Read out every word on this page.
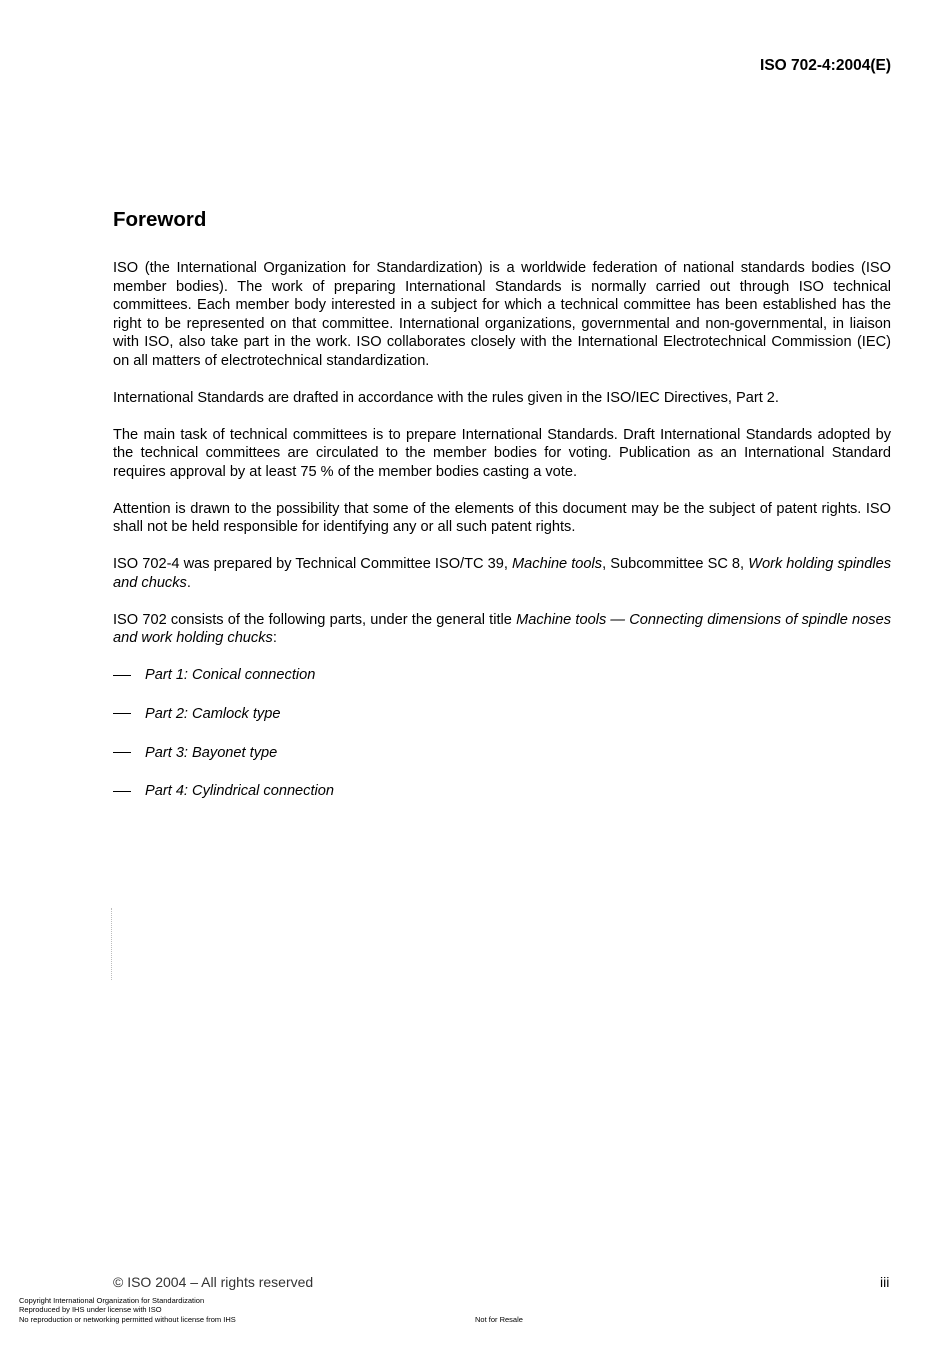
ISO 702-4:2004(E)
Foreword

ISO (the International Organization for Standardization) is a worldwide federation of national standards bodies (ISO member bodies). The work of preparing International Standards is normally carried out through ISO technical committees. Each member body interested in a subject for which a technical committee has been established has the right to be represented on that committee. International organizations, governmental and non-governmental, in liaison with ISO, also take part in the work. ISO collaborates closely with the International Electrotechnical Commission (IEC) on all matters of electrotechnical standardization.

International Standards are drafted in accordance with the rules given in the ISO/IEC Directives, Part 2.

The main task of technical committees is to prepare International Standards. Draft International Standards adopted by the technical committees are circulated to the member bodies for voting. Publication as an International Standard requires approval by at least 75 % of the member bodies casting a vote.

Attention is drawn to the possibility that some of the elements of this document may be the subject of patent rights. ISO shall not be held responsible for identifying any or all such patent rights.

ISO 702-4 was prepared by Technical Committee ISO/TC 39, Machine tools, Subcommittee SC 8, Work holding spindles and chucks.

ISO 702 consists of the following parts, under the general title Machine tools — Connecting dimensions of spindle noses and work holding chucks:

Part 1: Conical connection
Part 2: Camlock type
Part 3: Bayonet type
Part 4: Cylindrical connection
© ISO 2004 – All rights reserved	iii
Copyright International Organization for Standardization
Reproduced by IHS under license with ISO
No reproduction or networking permitted without license from IHS	Not for Resale
